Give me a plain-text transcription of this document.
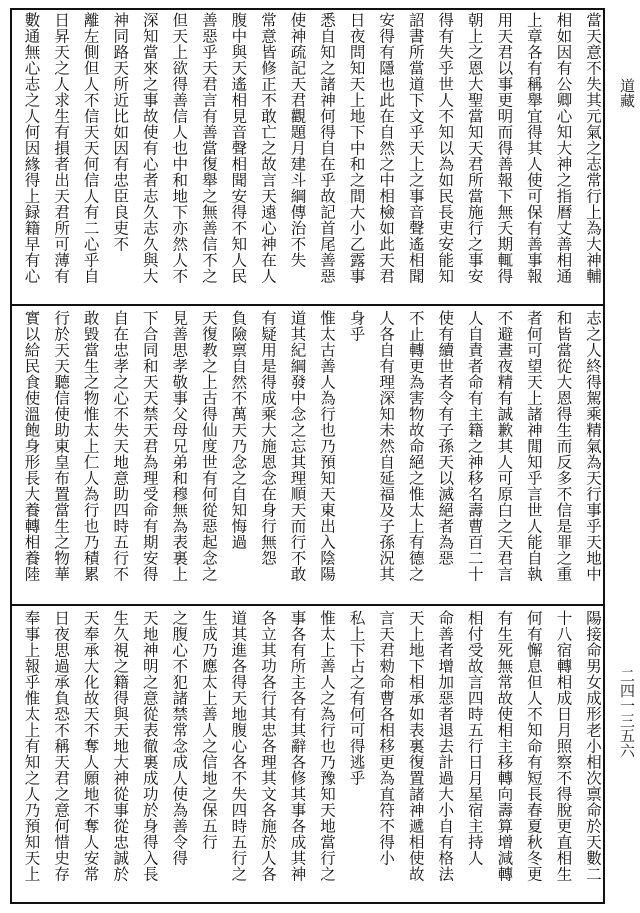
當天意不失其元氣之志常行上為大神輔
相如因有公卿心知大神之指曆丈善相通
上章各有稱舉宜得其人使可保有善事報
用天君以事更明而得善報下無夭期輒得
朝上之恩大聖當知天君所當施行之事安
得有失乎世人不知以為如民長吏安能知
詔書所當道下文乎天上之事音聲遙相聞
安得有隱也此在自然之中相檢如此天君
日夜問知天上地下中和之間大小乙露事
悉自知之諸神何得自在乎故記首尾善惡
使神疏記天君觀題月建斗綱傳治不失
常意皆修正不敢亡之故言天遠心神在人
腹中與天遙相見音聲相聞安得不知人民
善惡乎天君言有善當復舉之無善信不之
但天上欲得善信人也中和地下亦然人不
深知當來之事故使有心者志久志久與大
神同路天所近比如因有忠臣良吏不
離左側但人不信天天何信人有二心乎自
日昇天之人求生有損者出天君所可薄有
數通無心志之人何因緣得上録籍早有心
志之人終得駕乘精氣為天行事乎天地中
和皆當從大恩得生而反多不信是罪之重
者何可望天上諸神閒知乎言世人能自執
不避晝夜精有誠歉其人可原白之天君言
人自責者命有主籍之神移名壽曹百二十
使有續世者令有子孫天以滅絕者為惡
不止轉更為害物故命絕之惟太上有德之
人各自有理深知未然自延福及子孫況其
身乎
惟太古善人為行也乃預知天東出入陰陽
道其紀綱發中念之忘其理順天而行不敢
有疑用是得成乘大施恩念在身行無怨
負險禀自然不萬天乃念之自知悔過
天復教之上古得仙度世有何從惡起念之
見善思孝敬事父母兄弟和穆無為表裏上
下合同和天天禁天君為理受命有期安得
自在忠孝之心不失天地意助四時五行不
敢毀當生之物惟太上仁人為行也乃積累
行於天天聽信使助東皇布置當生之物華
實以給民食使溫飽身形長大養轉相養陸
陽接命男女成形老小相次禀命於天數二
十八宿轉相成日月照察不得脫更直相生
何有懈息但人不知命有短長春夏秋冬更
有生死無常故使相主移轉向壽算增減轉
相付受故言四時五行日月星宿主持人
命善者增加惡者退去計過大小自有格法
天上地下相承如表裏復置諸神遞相使故
言天君勑命曹各相移更為直符不得小
私上下占之有何可得逃乎
惟太上善人之為行也乃豫知天地當行之
事各有所主各有其辭各修其事各成其神
各立其功各行其忠各理其文各施於人各
道其進各得天地腹心各不失四時五行之
生成乃應太上善人之信地之保五行
之腹心不犯諸禁常念成人使為善令得
天地神明之意從表徹裏成功於身得入長
生久視之籍得與天地大神從事從忠誠於
天奉承大化故天不奪人願地不奪人安常
日夜思過承負恐不稱天君之意何惜史存
奉事上報乎惟太上有知之人乃預知天上
道藏
二四一三五六
